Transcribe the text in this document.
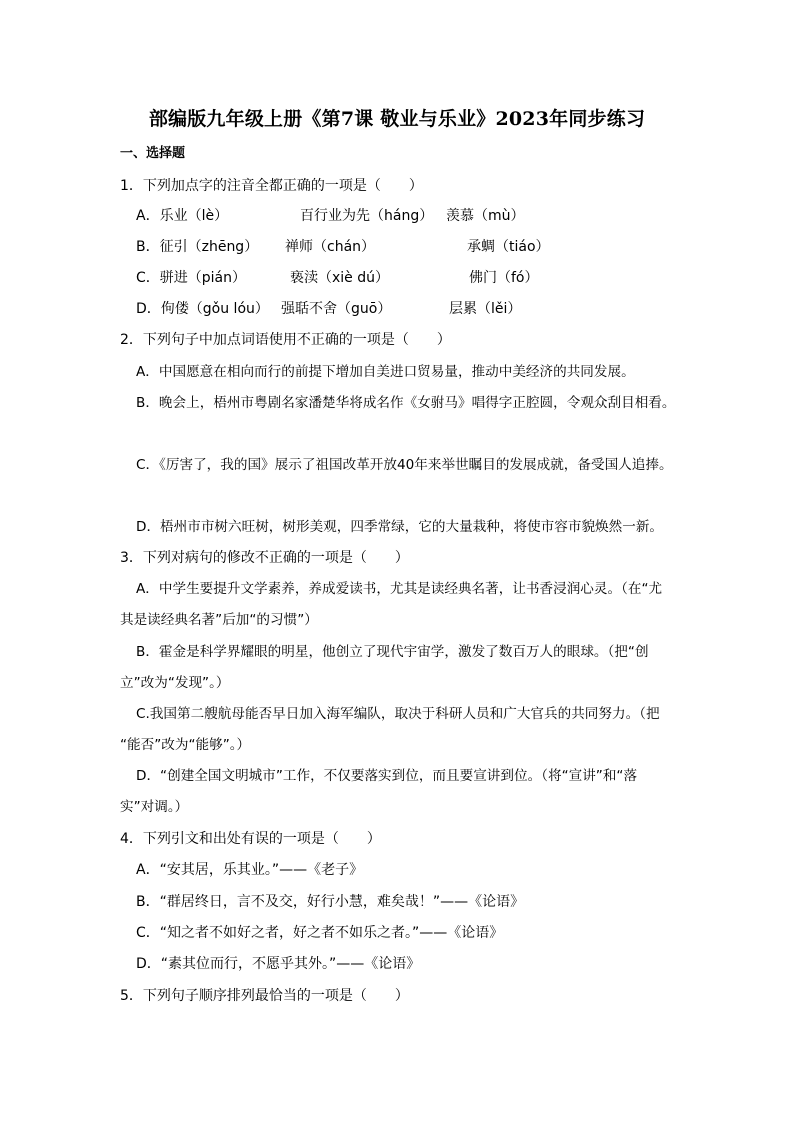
部编版九年级上册《第7课 敬业与乐业》2023年同步练习
一、选择题
1．下列加点字的注音全都正确的一项是（　　）
A．乐业（lè）	百行业为先（háng） 羡慕（mù）
B．征引（zhēng） 禅师（chán）	承蜩（tiáo）
C．骈进（pián）	亵渎（xiè dú）	佛门（fó）
D．佝偻（gǒu lóu） 强聒不舍（guō）	层累（lěi）
2．下列句子中加点词语使用不正确的一项是（　　）
A．中国愿意在相向而行的前提下增加自美进口贸易量，推动中美经济的共同发展。
B．晚会上，梧州市粤剧名家潘楚华将成名作《女驸马》唱得字正腔圆，令观众刮目相看。
C．《厉害了，我的国》展示了祖国改革开放40年来举世瞩目的发展成就，备受国人追捧。
D．梧州市市树六旺树，树形美观，四季常绿，它的大量栽种，将使市容市貌焕然一新。
3．下列对病句的修改不正确的一项是（　　）
A．中学生要提升文学素养，养成爱读书，尤其是读经典名著，让书香浸润心灵。（在“尤
其是读经典名著”后加“的习惯”）
B．霍金是科学界耀眼的明星，他创立了现代宇宙学，激发了数百万人的眼球。（把“创
立”改为“发现”。）
C.我国第二艘航母能否早日加入海军编队，取决于科研人员和广大官兵的共同努力。（把
“能否”改为“能够”。）
D．“创建全国文明城市”工作，不仅要落实到位，而且要宣讲到位。（将“宣讲”和“落
实”对调。）
4．下列引文和出处有误的一项是（　　）
A．“安其居，乐其业。”——《老子》
B．“群居终日，言不及交，好行小慧，难矣哉！”——《论语》
C．“知之者不如好之者，好之者不如乐之者。”——《论语》
D．“素其位而行，不愿乎其外。”——《论语》
5．下列句子顺序排列最恰当的一项是（　　）
